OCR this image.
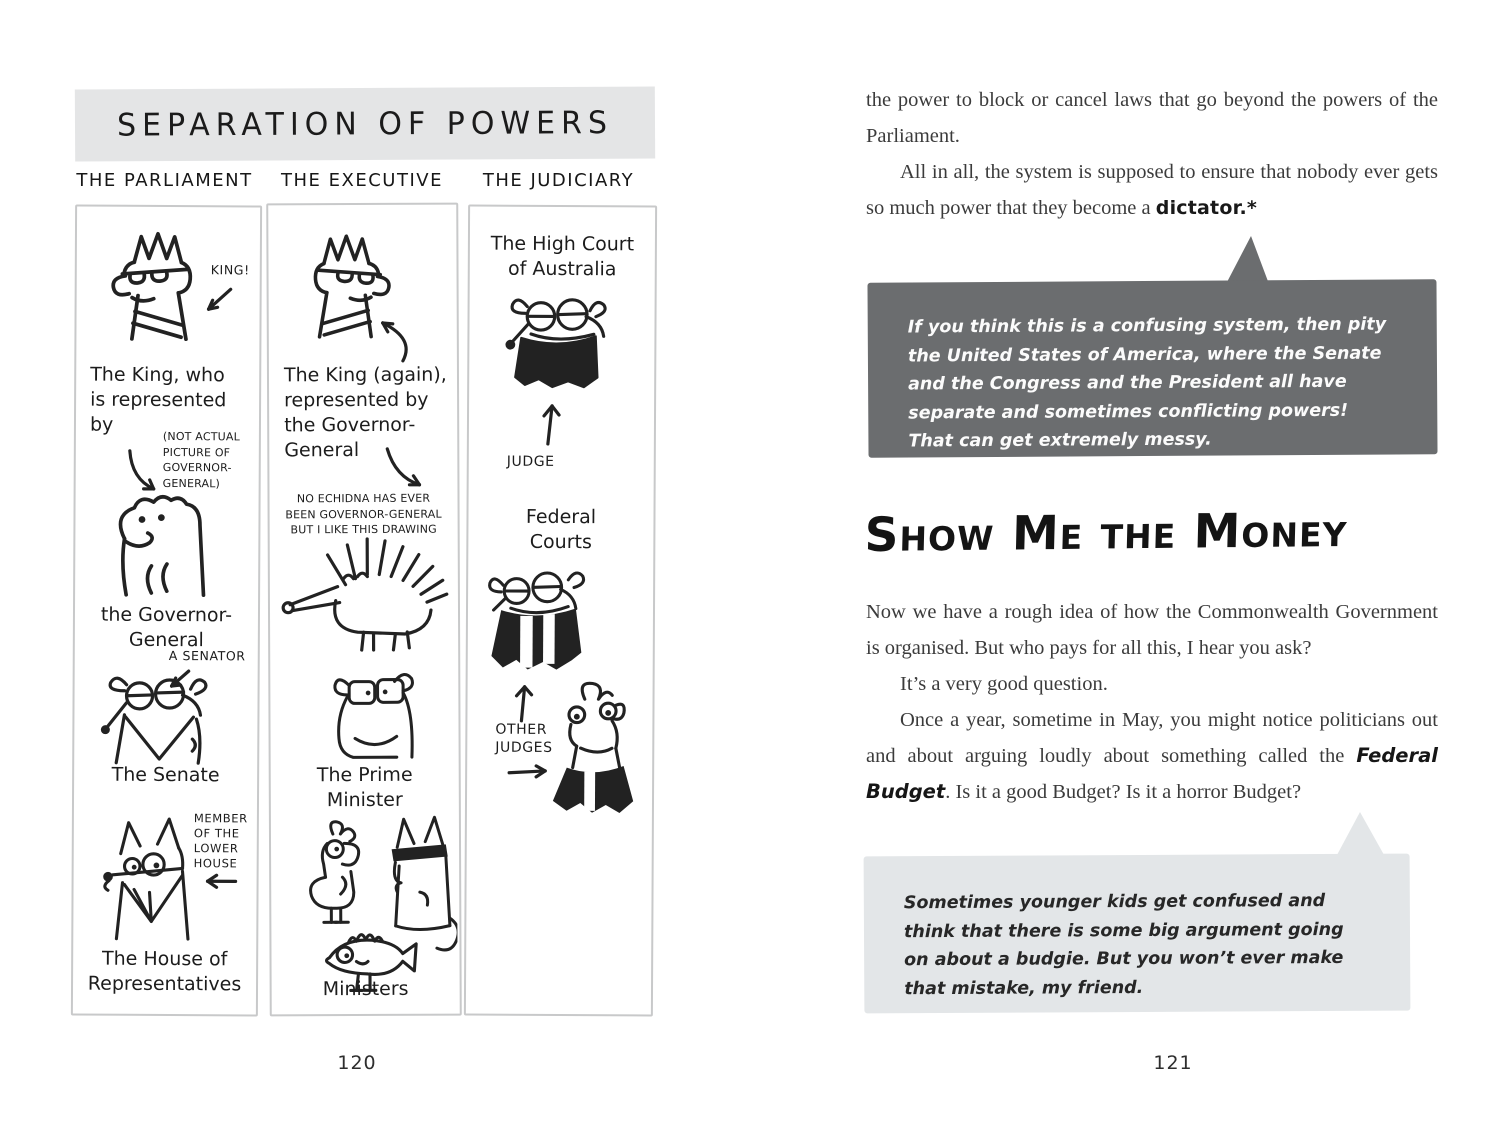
SEPARATION OF POWERS
THE PARLIAMENT	THE EXECUTIVE	THE JUDICIARY
KING!
The King, who
is represented
by
(NOT ACTUAL
PICTURE OF
GOVERNOR-
GENERAL)
the Governor-
General
A SENATOR
The Senate
MEMBER
OF THE
LOWER
HOUSE
The House of
Representatives
The King (again),
represented by
the Governor-
General
NO ECHIDNA HAS EVER
BEEN GOVERNOR-GENERAL
BUT I LIKE THIS DRAWING
The Prime
Minister
Ministers
The High Court
of Australia
JUDGE
Federal
Courts
OTHER
JUDGES
120

the power to block or cancel laws that go beyond the powers of the Parliament.

All in all, the system is supposed to ensure that nobody ever gets so much power that they become a dictator.*

If you think this is a confusing system, then pity the United States of America, where the Senate and the Congress and the President all have separate and sometimes conflicting powers! That can get extremely messy.
Show Me the Money

Now we have a rough idea of how the Commonwealth Government is organised. But who pays for all this, I hear you ask?

It’s a very good question.

Once a year, sometime in May, you might notice politicians out and about arguing loudly about something called the Federal Budget. Is it a good Budget? Is it a horror Budget?

Sometimes younger kids get confused and think that there is some big argument going on about a budgie. But you won’t ever make that mistake, my friend.
121
